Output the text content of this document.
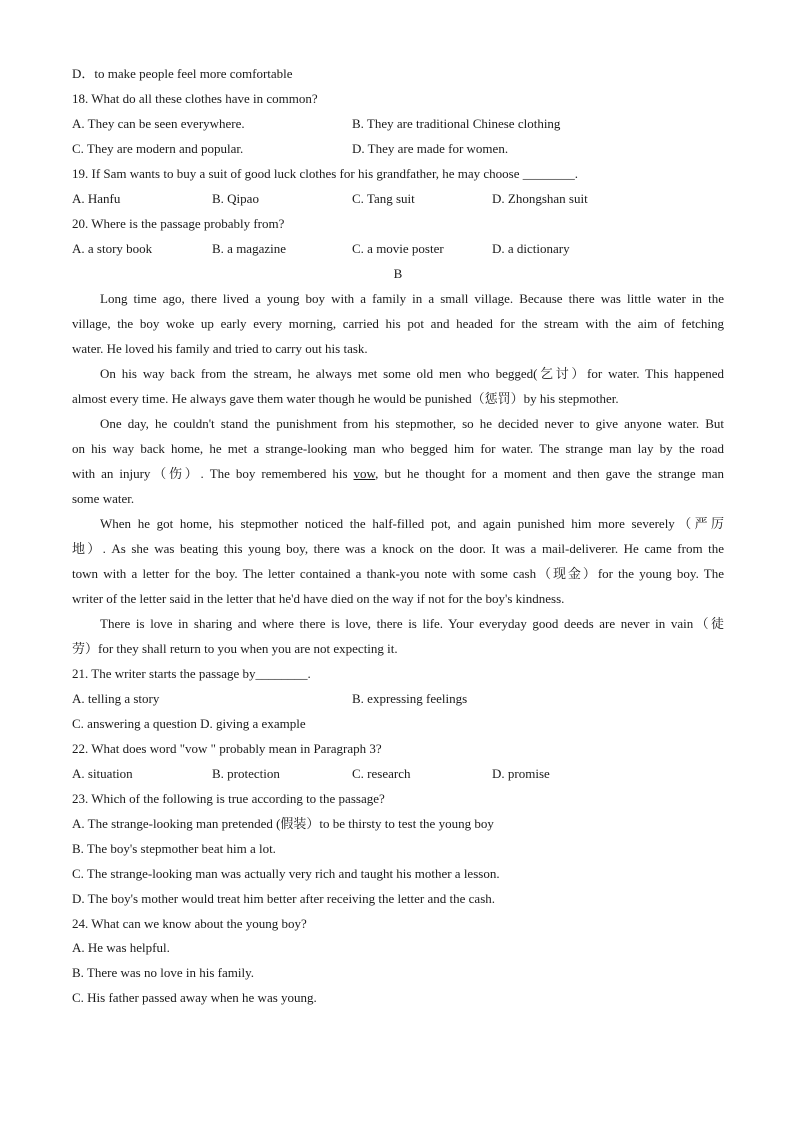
D．to make people feel more comfortable
18. What do all these clothes have in common?
A. They can be seen everywhere.	B. They are traditional Chinese clothing
C. They are modern and popular.	D. They are made for women.
19. If Sam wants to buy a suit of good luck clothes for his grandfather, he may choose ________.
A. Hanfu	B. Qipao	C. Tang suit	D. Zhongshan suit
20. Where is the passage probably from?
A. a story book	B. a magazine	C. a movie poster	D. a dictionary
B
Long time ago, there lived a young boy with a family in a small village. Because there was little water in the
village, the boy woke up early every morning, carried his pot and headed for the stream with the aim of fetching
water. He loved his family and tried to carry out his task.
On his way back from the stream, he always met some old men who begged(乞讨）for water. This happened
almost every time. He always gave them water though he would be punished（惩罚）by his stepmother.
One day, he couldn't stand the punishment from his stepmother, so he decided never to give anyone water. But
on his way back home, he met a strange-looking man who begged him for water. The strange man lay by the road
with an injury（伤）. The boy remembered his vow, but he thought for a moment and then gave the strange man
some water.
When he got home, his stepmother noticed the half-filled pot, and again punished him more severely（严厉
地）. As she was beating this young boy, there was a knock on the door. It was a mail-deliverer. He came from the
town with a letter for the boy. The letter contained a thank-you note with some cash（现金）for the young boy. The
writer of the letter said in the letter that he'd have died on the way if not for the boy's kindness.
There is love in sharing and where there is love, there is life. Your everyday good deeds are never in vain（徒
劳）for they shall return to you when you are not expecting it.
21. The writer starts the passage by________.
A. telling a story	B. expressing feelings
C. answering a question D. giving a example
22. What does word "vow " probably mean in Paragraph 3?
A. situation	B. protection	C. research	D. promise
23. Which of the following is true according to the passage?
A. The strange-looking man pretended (假装）to be thirsty to test the young boy
B. The boy's stepmother beat him a lot.
C. The strange-looking man was actually very rich and taught his mother a lesson.
D. The boy's mother would treat him better after receiving the letter and the cash.
24. What can we know about the young boy?
A. He was helpful.
B. There was no love in his family.
C. His father passed away when he was young.
